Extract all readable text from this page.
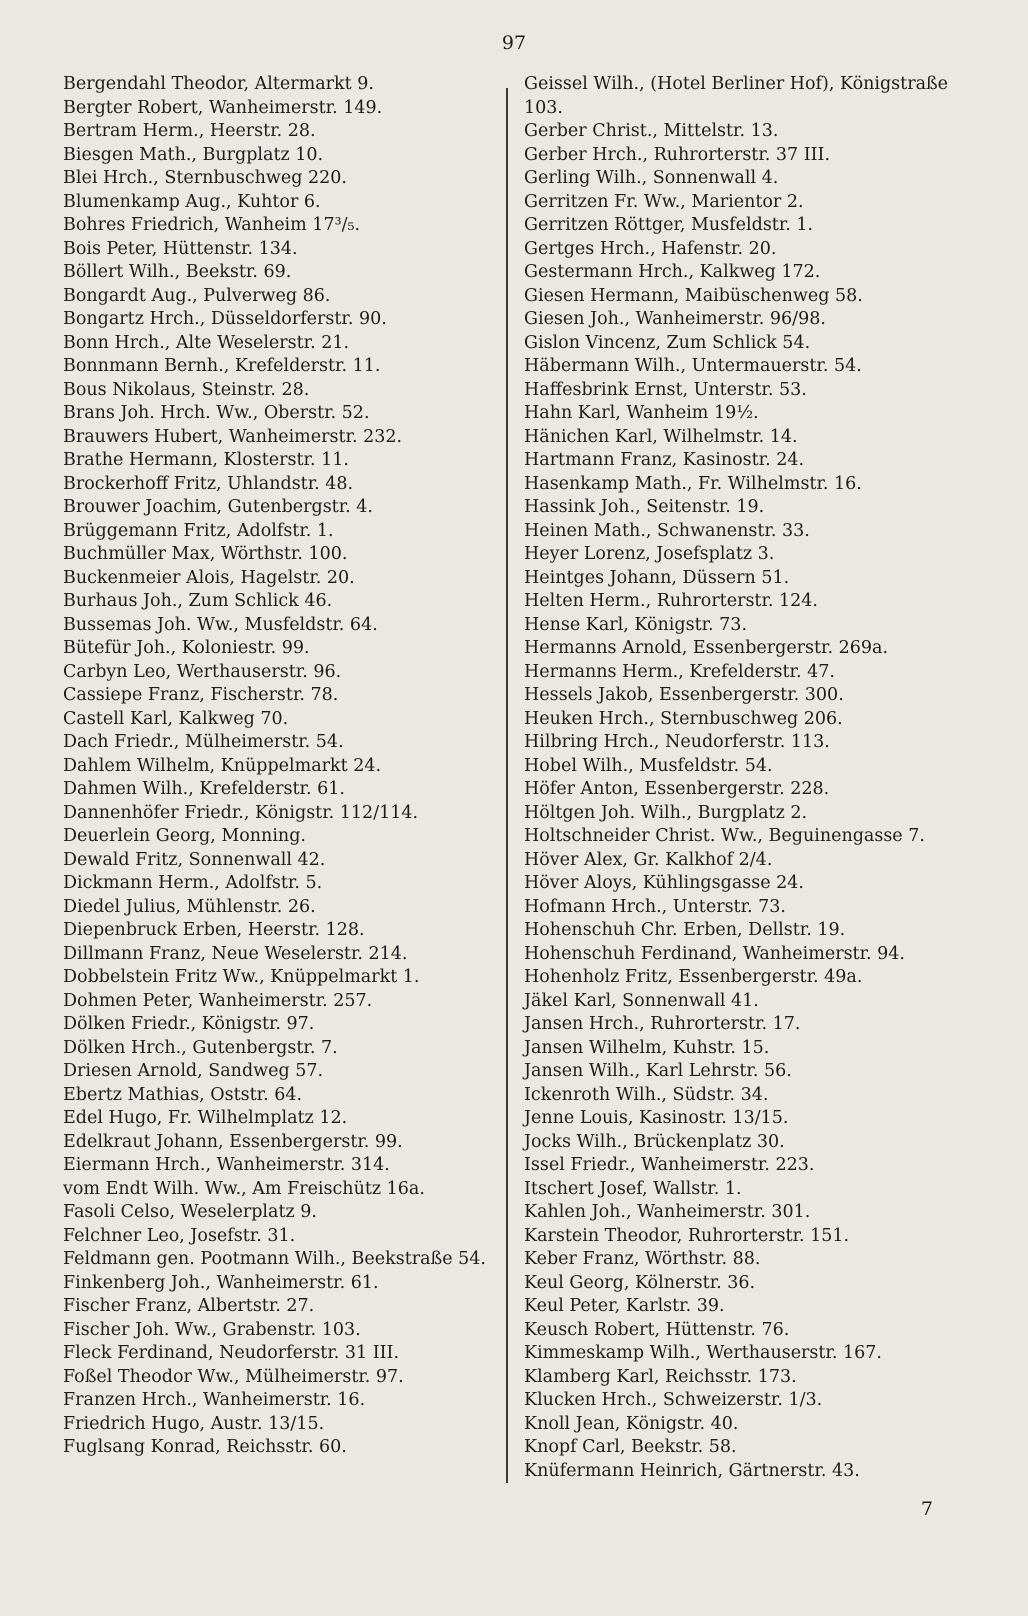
97
Bergendahl Theodor, Altermarkt 9.
Bergter Robert, Wanheimerstr. 149.
Bertram Herm., Heerstr. 28.
Biesgen Math., Burgplatz 10.
Blei Hrch., Sternbuschweg 220.
Blumenkamp Aug., Kuhtor 6.
Bohres Friedrich, Wanheim 17³/₅.
Bois Peter, Hüttenstr. 134.
Böllert Wilh., Beekstr. 69.
Bongardt Aug., Pulverweg 86.
Bongartz Hrch., Düsseldorferstr. 90.
Bonn Hrch., Alte Weselerstr. 21.
Bonnmann Bernh., Krefelderstr. 11.
Bous Nikolaus, Steinstr. 28.
Brans Joh. Hrch. Ww., Oberstr. 52.
Brauwers Hubert, Wanheimerstr. 232.
Brathe Hermann, Klosterstr. 11.
Brockerhoff Fritz, Uhlandstr. 48.
Brouwer Joachim, Gutenbergstr. 4.
Brüggemann Fritz, Adolfstr. 1.
Buchmüller Max, Wörthstr. 100.
Buckenmeier Alois, Hagelstr. 20.
Burhaus Joh., Zum Schlick 46.
Bussemas Joh. Ww., Musfeldstr. 64.
Bütefür Joh., Koloniestr. 99.
Carbyn Leo, Werthauserstr. 96.
Cassiepe Franz, Fischerstr. 78.
Castell Karl, Kalkweg 70.
Dach Friedr., Mülheimerstr. 54.
Dahlem Wilhelm, Knüppelmarkt 24.
Dahmen Wilh., Krefelderstr. 61.
Dannenhöfer Friedr., Königstr. 112/114.
Deuerlein Georg, Monning.
Dewald Fritz, Sonnenwall 42.
Dickmann Herm., Adolfstr. 5.
Diedel Julius, Mühlenstr. 26.
Diepenbruck Erben, Heerstr. 128.
Dillmann Franz, Neue Weselerstr. 214.
Dobbelstein Fritz Ww., Knüppelmarkt 1.
Dohmen Peter, Wanheimerstr. 257.
Dölken Friedr., Königstr. 97.
Dölken Hrch., Gutenbergstr. 7.
Driesen Arnold, Sandweg 57.
Ebertz Mathias, Oststr. 64.
Edel Hugo, Fr. Wilhelmplatz 12.
Edelkraut Johann, Essenbergerstr. 99.
Eiermann Hrch., Wanheimerstr. 314.
vom Endt Wilh. Ww., Am Freischütz 16a.
Fasoli Celso, Weselerplatz 9.
Felchner Leo, Josefstr. 31.
Feldmann gen. Pootmann Wilh., Beekstraße 54.
Finkenberg Joh., Wanheimerstr. 61.
Fischer Franz, Albertstr. 27.
Fischer Joh. Ww., Grabenstr. 103.
Fleck Ferdinand, Neudorferstr. 31 III.
Foßel Theodor Ww., Mülheimerstr. 97.
Franzen Hrch., Wanheimerstr. 16.
Friedrich Hugo, Austr. 13/15.
Fuglsang Konrad, Reichsstr. 60.
Geissel Wilh., (Hotel Berliner Hof), Königstraße 103.
Gerber Christ., Mittelstr. 13.
Gerber Hrch., Ruhrorterstr. 37 III.
Gerling Wilh., Sonnenwall 4.
Gerritzen Fr. Ww., Marientor 2.
Gerritzen Röttger, Musfeldstr. 1.
Gertges Hrch., Hafenstr. 20.
Gestermann Hrch., Kalkweg 172.
Giesen Hermann, Maibüschenweg 58.
Giesen Joh., Wanheimerstr. 96/98.
Gislon Vincenz, Zum Schlick 54.
Häbermann Wilh., Untermauerstr. 54.
Haffesbrink Ernst, Unterstr. 53.
Hahn Karl, Wanheim 19½.
Hänichen Karl, Wilhelmstr. 14.
Hartmann Franz, Kasinostr. 24.
Hasenkamp Math., Fr. Wilhelmstr. 16.
Hassink Joh., Seitenstr. 19.
Heinen Math., Schwanenstr. 33.
Heyer Lorenz, Josefsplatz 3.
Heintges Johann, Düssern 51.
Helten Herm., Ruhrorterstr. 124.
Hense Karl, Königstr. 73.
Hermanns Arnold, Essenbergerstr. 269a.
Hermanns Herm., Krefelderstr. 47.
Hessels Jakob, Essenbergerstr. 300.
Heuken Hrch., Sternbuschweg 206.
Hilbring Hrch., Neudorferstr. 113.
Hobel Wilh., Musfeldstr. 54.
Höfer Anton, Essenbergerstr. 228.
Höltgen Joh. Wilh., Burgplatz 2.
Holtschneider Christ. Ww., Beguinengasse 7.
Höver Alex, Gr. Kalkhof 2/4.
Höver Aloys, Kühlingsgasse 24.
Hofmann Hrch., Unterstr. 73.
Hohenschuh Chr. Erben, Dellstr. 19.
Hohenschuh Ferdinand, Wanheimerstr. 94.
Hohenholz Fritz, Essenbergerstr. 49a.
Jäkel Karl, Sonnenwall 41.
Jansen Hrch., Ruhrorterstr. 17.
Jansen Wilhelm, Kuhstr. 15.
Jansen Wilh., Karl Lehrstr. 56.
Ickenroth Wilh., Südstr. 34.
Jenne Louis, Kasinostr. 13/15.
Jocks Wilh., Brückenplatz 30.
Issel Friedr., Wanheimerstr. 223.
Itschert Josef, Wallstr. 1.
Kahlen Joh., Wanheimerstr. 301.
Karstein Theodor, Ruhrorterstr. 151.
Keber Franz, Wörthstr. 88.
Keul Georg, Kölnerstr. 36.
Keul Peter, Karlstr. 39.
Keusch Robert, Hüttenstr. 76.
Kimmeskamp Wilh., Werthauserstr. 167.
Klamberg Karl, Reichsstr. 173.
Klucken Hrch., Schweizerstr. 1/3.
Knoll Jean, Königstr. 40.
Knopf Carl, Beekstr. 58.
Knüfermann Heinrich, Gärtnerstr. 43.
7
